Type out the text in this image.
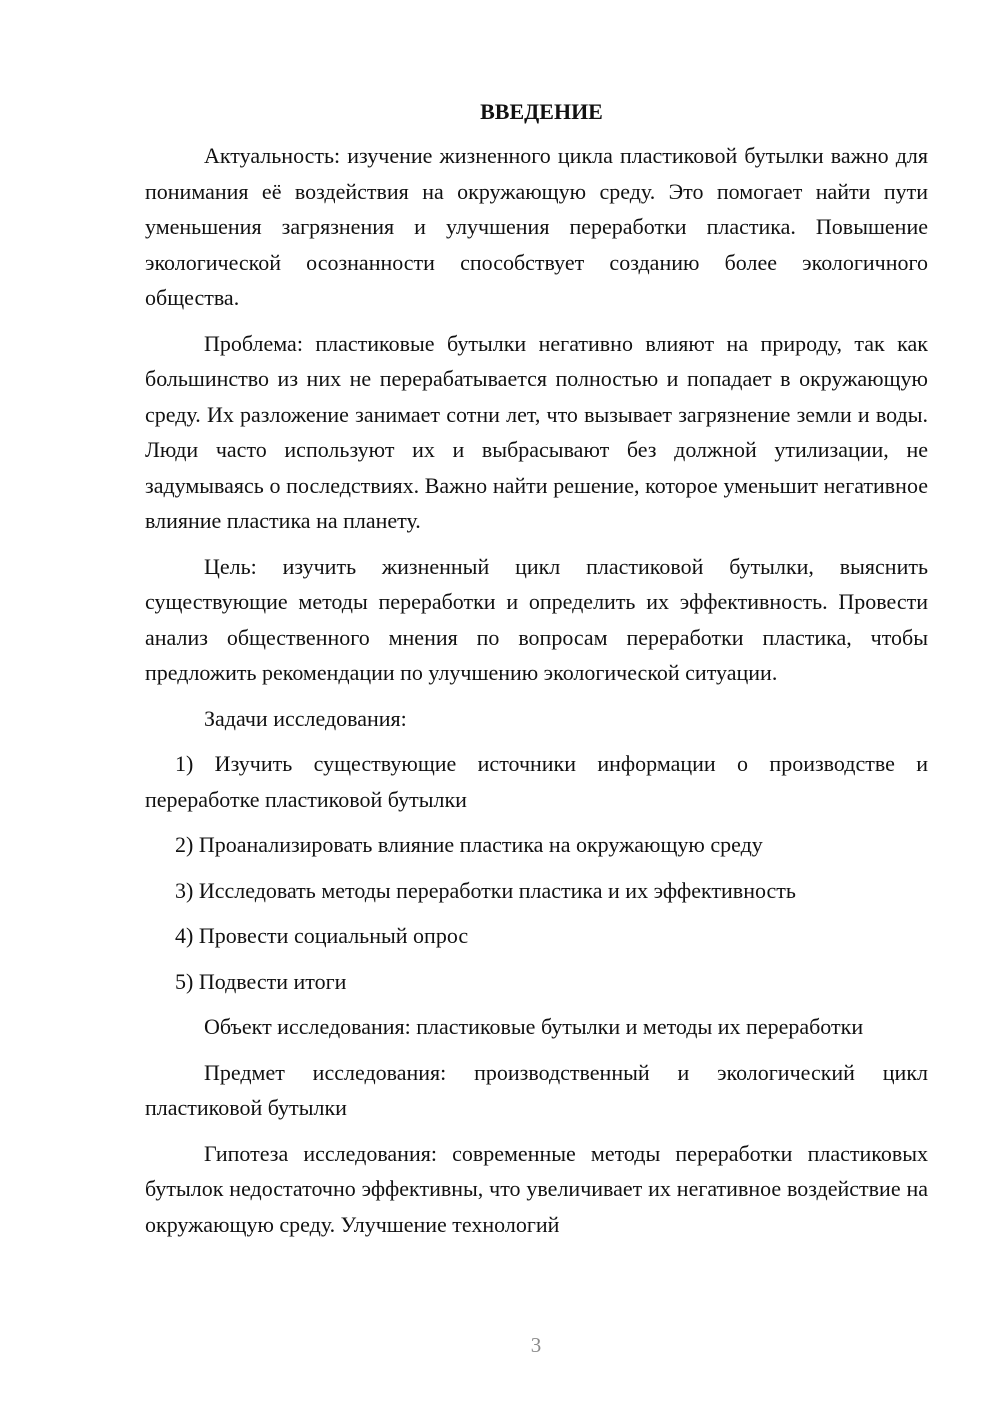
ВВЕДЕНИЕ

Актуальность: изучение жизненного цикла пластиковой бутылки важно для понимания её воздействия на окружающую среду. Это помогает найти пути уменьшения загрязнения и улучшения переработки пластика. Повышение экологической осознанности способствует созданию более экологичного общества.

Проблема: пластиковые бутылки негативно влияют на природу, так как большинство из них не перерабатывается полностью и попадает в окружающую среду. Их разложение занимает сотни лет, что вызывает загрязнение земли и воды. Люди часто используют их и выбрасывают без должной утилизации, не задумываясь о последствиях. Важно найти решение, которое уменьшит негативное влияние пластика на планету.

Цель: изучить жизненный цикл пластиковой бутылки, выяснить существующие методы переработки и определить их эффективность. Провести анализ общественного мнения по вопросам переработки пластика, чтобы предложить рекомендации по улучшению экологической ситуации.

Задачи исследования:

1) Изучить существующие источники информации о производстве и переработке пластиковой бутылки

2) Проанализировать влияние пластика на окружающую среду

3) Исследовать методы переработки пластика и их эффективность

4) Провести социальный опрос

5) Подвести итоги

Объект исследования: пластиковые бутылки и методы их переработки

Предмет исследования: производственный и экологический цикл пластиковой бутылки

Гипотеза исследования: современные методы переработки пластиковых бутылок недостаточно эффективны, что увеличивает их негативное воздействие на окружающую среду. Улучшение технологий

3
